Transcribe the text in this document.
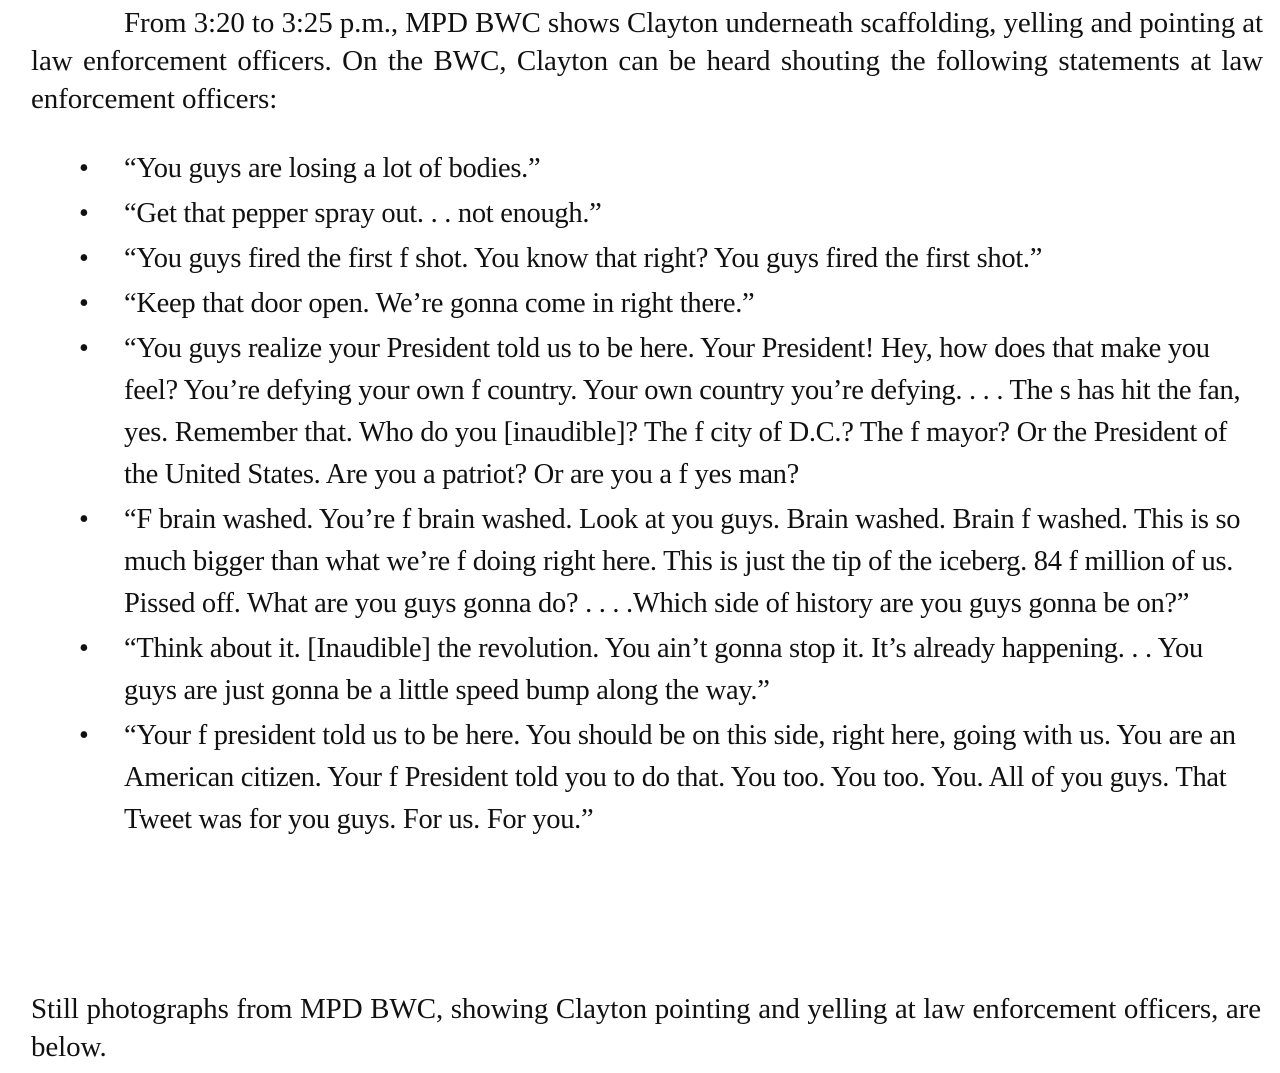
From 3:20 to 3:25 p.m., MPD BWC shows Clayton underneath scaffolding, yelling and pointing at law enforcement officers. On the BWC, Clayton can be heard shouting the following statements at law enforcement officers:

• “You guys are losing a lot of bodies.”
• “Get that pepper spray out. . . not enough.”
• “You guys fired the first f shot. You know that right? You guys fired the first shot.”
• “Keep that door open. We’re gonna come in right there.”
• “You guys realize your President told us to be here. Your President! Hey, how does that make you feel? You’re defying your own f country. Your own country you’re defying. . . . The s has hit the fan, yes. Remember that. Who do you [inaudible]? The f city of D.C.? The f mayor? Or the President of the United States. Are you a patriot? Or are you a f yes man?
• “F brain washed. You’re f brain washed. Look at you guys. Brain washed. Brain f washed. This is so much bigger than what we’re f doing right here. This is just the tip of the iceberg. 84 f million of us. Pissed off. What are you guys gonna do? . . . .Which side of history are you guys gonna be on?”
• “Think about it. [Inaudible] the revolution. You ain’t gonna stop it. It’s already happening. . . You guys are just gonna be a little speed bump along the way.”
• “Your f president told us to be here. You should be on this side, right here, going with us. You are an American citizen. Your f President told you to do that. You too. You too. You. All of you guys. That Tweet was for you guys. For us. For you.”

Still photographs from MPD BWC, showing Clayton pointing and yelling at law enforcement officers, are below.
